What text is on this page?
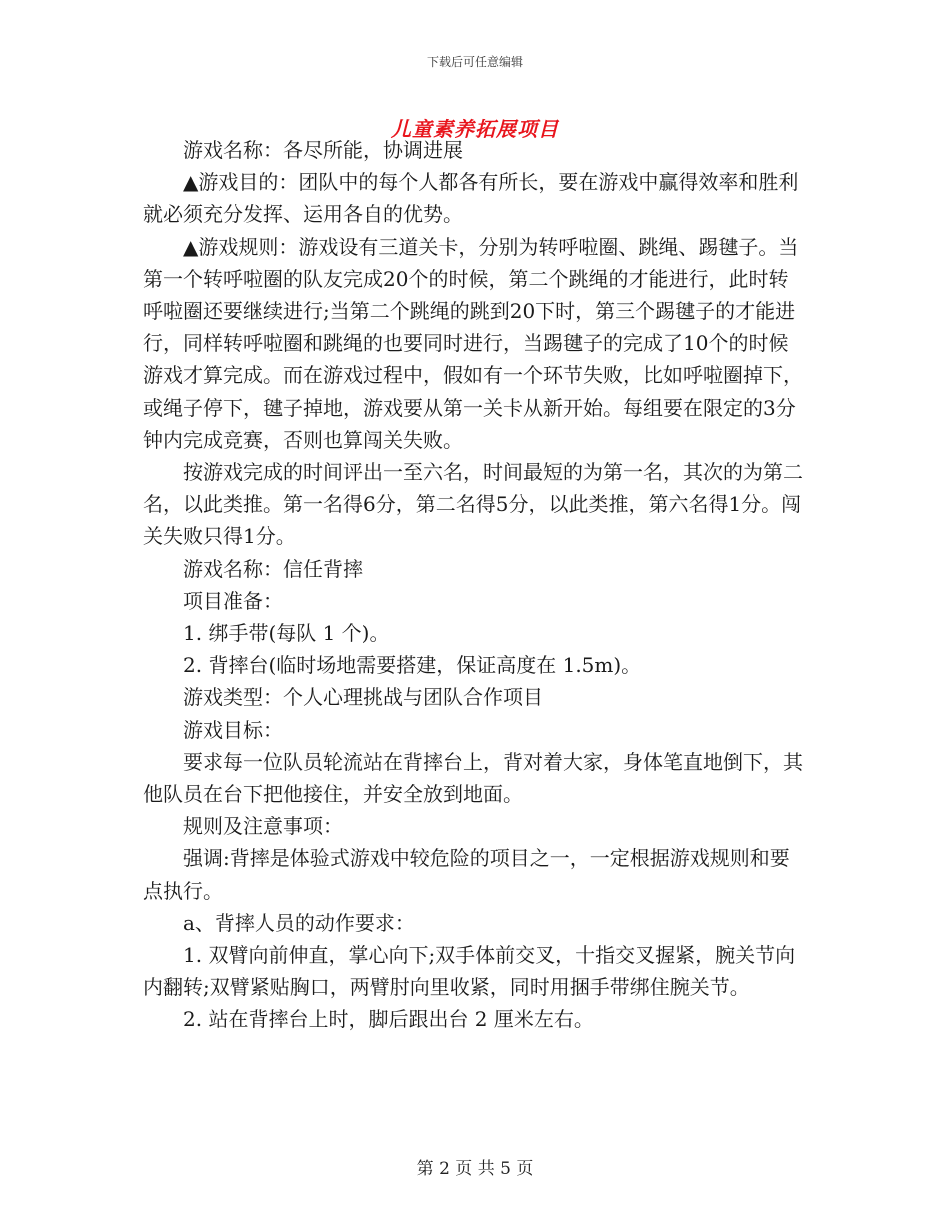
下载后可任意编辑
儿童素养拓展项目

游戏名称：各尽所能，协调进展

▲游戏目的：团队中的每个人都各有所长，要在游戏中赢得效率和胜利就必须充分发挥、运用各自的优势。

▲游戏规则：游戏设有三道关卡，分别为转呼啦圈、跳绳、踢毽子。当第一个转呼啦圈的队友完成20个的时候，第二个跳绳的才能进行，此时转呼啦圈还要继续进行;当第二个跳绳的跳到20下时，第三个踢毽子的才能进行，同样转呼啦圈和跳绳的也要同时进行，当踢毽子的完成了10个的时候游戏才算完成。而在游戏过程中，假如有一个环节失败，比如呼啦圈掉下，或绳子停下，毽子掉地，游戏要从第一关卡从新开始。每组要在限定的3分钟内完成竞赛，否则也算闯关失败。

按游戏完成的时间评出一至六名，时间最短的为第一名，其次的为第二名，以此类推。第一名得6分，第二名得5分，以此类推，第六名得1分。闯关失败只得1分。

游戏名称：信任背摔

项目准备：

1. 绑手带(每队 1 个)。

2. 背摔台(临时场地需要搭建，保证高度在 1.5m)。

游戏类型：个人心理挑战与团队合作项目

游戏目标：

要求每一位队员轮流站在背摔台上，背对着大家，身体笔直地倒下，其他队员在台下把他接住，并安全放到地面。

规则及注意事项：

强调:背摔是体验式游戏中较危险的项目之一，一定根据游戏规则和要点执行。

a、背摔人员的动作要求：

1. 双臂向前伸直，掌心向下;双手体前交叉，十指交叉握紧，腕关节向内翻转;双臂紧贴胸口，两臂肘向里收紧，同时用捆手带绑住腕关节。

2. 站在背摔台上时，脚后跟出台 2 厘米左右。

第 2 页 共 5 页
